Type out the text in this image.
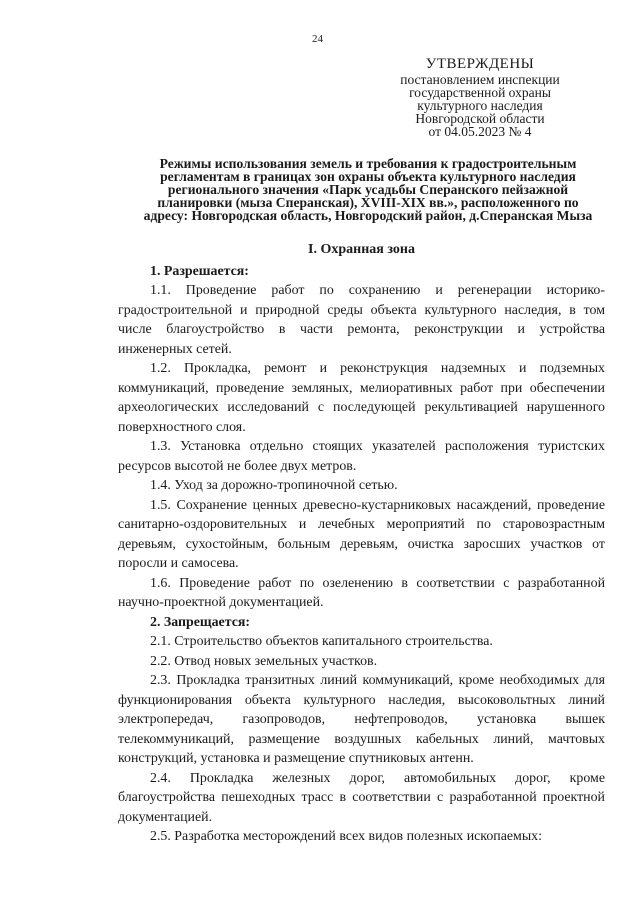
24
УТВЕРЖДЕНЫ
постановлением инспекции
государственной охраны
культурного наследия
Новгородской области
от 04.05.2023 № 4
Режимы использования земель и требования к градостроительным
регламентам в границах зон охраны объекта культурного наследия
регионального значения «Парк усадьбы Сперанского пейзажной
планировки (мыза Сперанская), XVIII-XIX вв.», расположенного по
адресу: Новгородская область, Новгородский район, д.Сперанская Мыза

I. Охранная зона

1. Разрешается:

1.1. Проведение работ по сохранению и регенерации историко-градостроительной и природной среды объекта культурного наследия, в том числе благоустройство в части ремонта, реконструкции и устройства инженерных сетей.

1.2. Прокладка, ремонт и реконструкция надземных и подземных коммуникаций, проведение земляных, мелиоративных работ при обеспечении археологических исследований с последующей рекультивацией нарушенного поверхностного слоя.

1.3. Установка отдельно стоящих указателей расположения туристских ресурсов высотой не более двух метров.

1.4. Уход за дорожно-тропиночной сетью.

1.5. Сохранение ценных древесно-кустарниковых насаждений, проведение санитарно-оздоровительных и лечебных мероприятий по старовозрастным деревьям, сухостойным, больным деревьям, очистка заросших участков от поросли и самосева.

1.6. Проведение работ по озеленению в соответствии с разработанной научно-проектной документацией.

2. Запрещается:

2.1. Строительство объектов капитального строительства.

2.2. Отвод новых земельных участков.

2.3. Прокладка транзитных линий коммуникаций, кроме необходимых для функционирования объекта культурного наследия, высоковольтных линий электропередач, газопроводов, нефтепроводов, установка вышек телекоммуникаций, размещение воздушных кабельных линий, мачтовых конструкций, установка и размещение спутниковых антенн.

2.4. Прокладка железных дорог, автомобильных дорог, кроме благоустройства пешеходных трасс в соответствии с разработанной проектной документацией.

2.5. Разработка месторождений всех видов полезных ископаемых:
